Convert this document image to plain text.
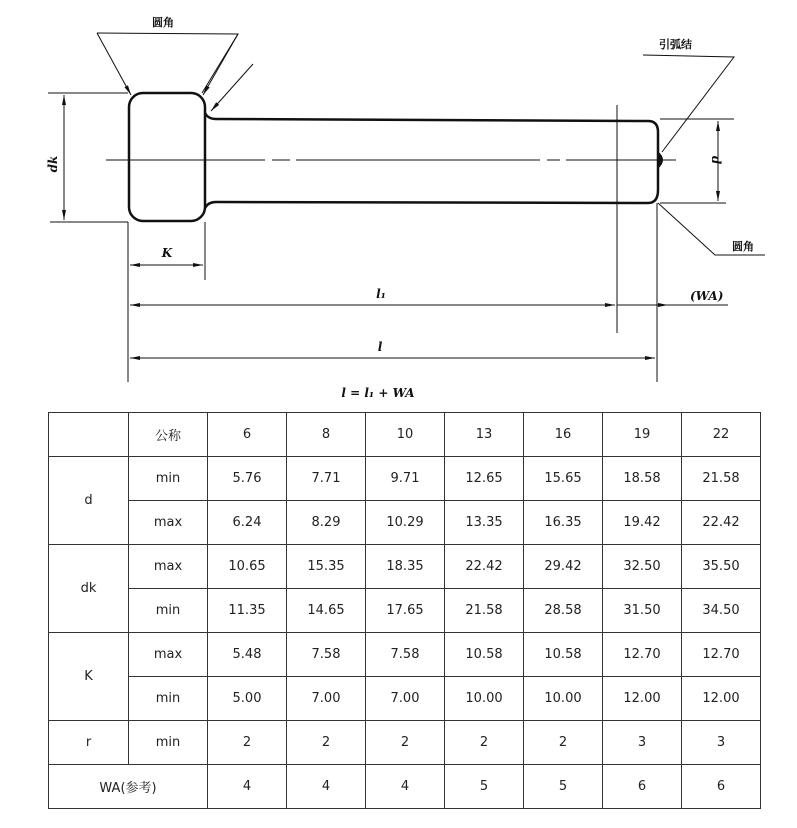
圆角
引弧结
圆角
dk	d
K
l₁	(WA)
l
l = l₁ + WA
	公称	6	8	10	13	16	19	22
d	min	5.76	7.71	9.71	12.65	15.65	18.58	21.58
	max	6.24	8.29	10.29	13.35	16.35	19.42	22.42
dk	max	10.65	15.35	18.35	22.42	29.42	32.50	35.50
	min	11.35	14.65	17.65	21.58	28.58	31.50	34.50
K	max	5.48	7.58	7.58	10.58	10.58	12.70	12.70
	min	5.00	7.00	7.00	10.00	10.00	12.00	12.00
r	min	2	2	2	2	2	3	3
WA(参考)		4	4	4	5	5	6	6
